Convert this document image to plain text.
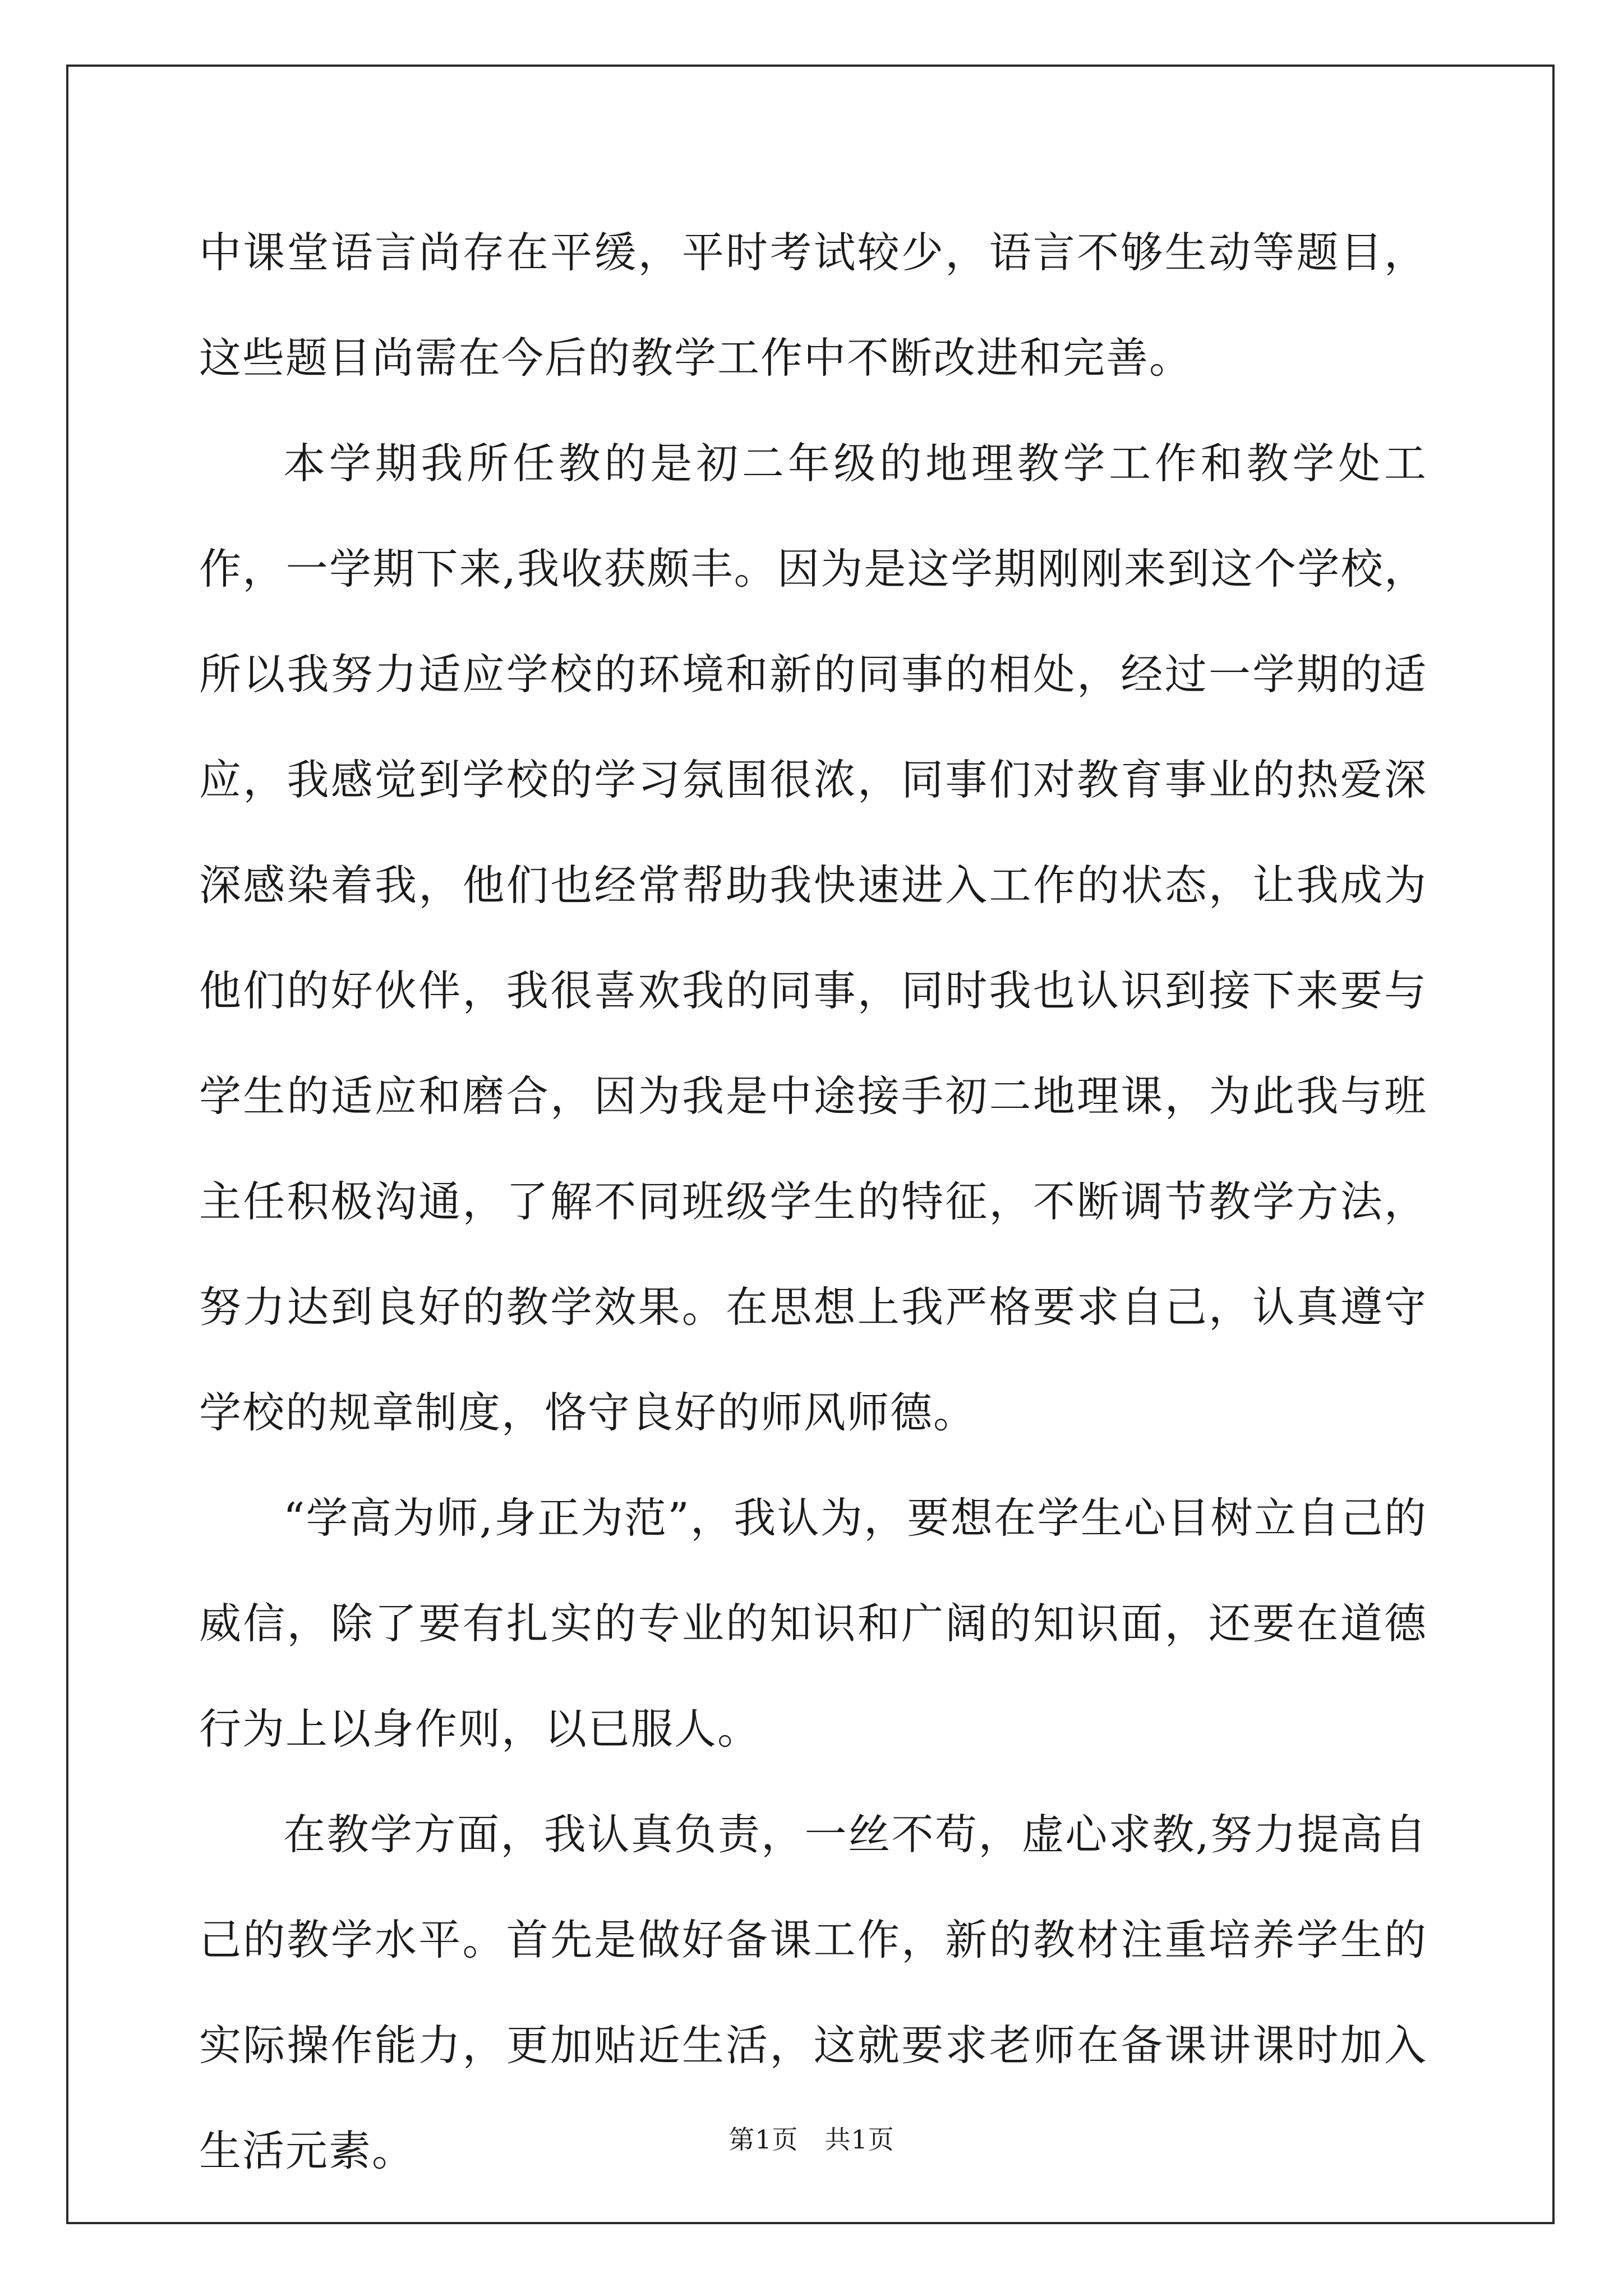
中课堂语言尚存在平缓，平时考试较少，语言不够生动等题目，这些题目尚需在今后的教学工作中不断改进和完善。

本学期我所任教的是初二年级的地理教学工作和教学处工作，一学期下来,我收获颇丰。因为是这学期刚刚来到这个学校，所以我努力适应学校的环境和新的同事的相处，经过一学期的适应，我感觉到学校的学习氛围很浓，同事们对教育事业的热爱深深感染着我，他们也经常帮助我快速进入工作的状态，让我成为他们的好伙伴，我很喜欢我的同事，同时我也认识到接下来要与学生的适应和磨合，因为我是中途接手初二地理课，为此我与班主任积极沟通，了解不同班级学生的特征，不断调节教学方法，努力达到良好的教学效果。在思想上我严格要求自己，认真遵守学校的规章制度，恪守良好的师风师德。

“学高为师,身正为范”，我认为，要想在学生心目树立自己的威信，除了要有扎实的专业的知识和广阔的知识面，还要在道德行为上以身作则，以已服人。

在教学方面，我认真负责，一丝不苟，虚心求教,努力提高自己的教学水平。首先是做好备课工作，新的教材注重培养学生的实际操作能力，更加贴近生活，这就要求老师在备课讲课时加入生活元素。	第1页　共1页
